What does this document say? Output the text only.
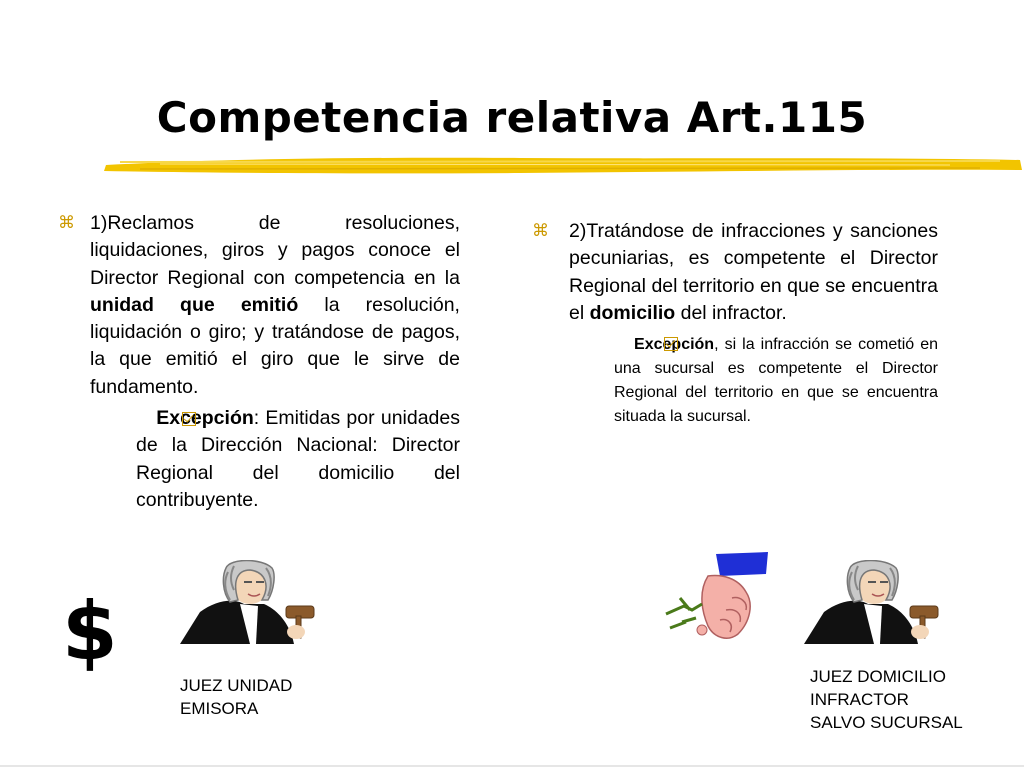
Competencia relativa Art.115
⌘ 1)Reclamos de resoluciones, liquidaciones, giros y pagos conoce el Director Regional con competencia en la unidad que emitió la resolución, liquidación o giro; y tratándose de pagos, la que emitió el giro que le sirve de fundamento.
Excepción: Emitidas por unidades de la Dirección Nacional: Director Regional del domicilio del contribuyente.
⌘ 2)Tratándose de infracciones y sanciones pecuniarias, es competente el Director Regional del territorio en que se encuentra el domicilio del infractor.
Excepción, si la infracción se cometió en una sucursal es competente el Director Regional del territorio en que se encuentra situada la sucursal.
$
JUEZ UNIDAD
EMISORA
JUEZ DOMICILIO
INFRACTOR
SALVO SUCURSAL
